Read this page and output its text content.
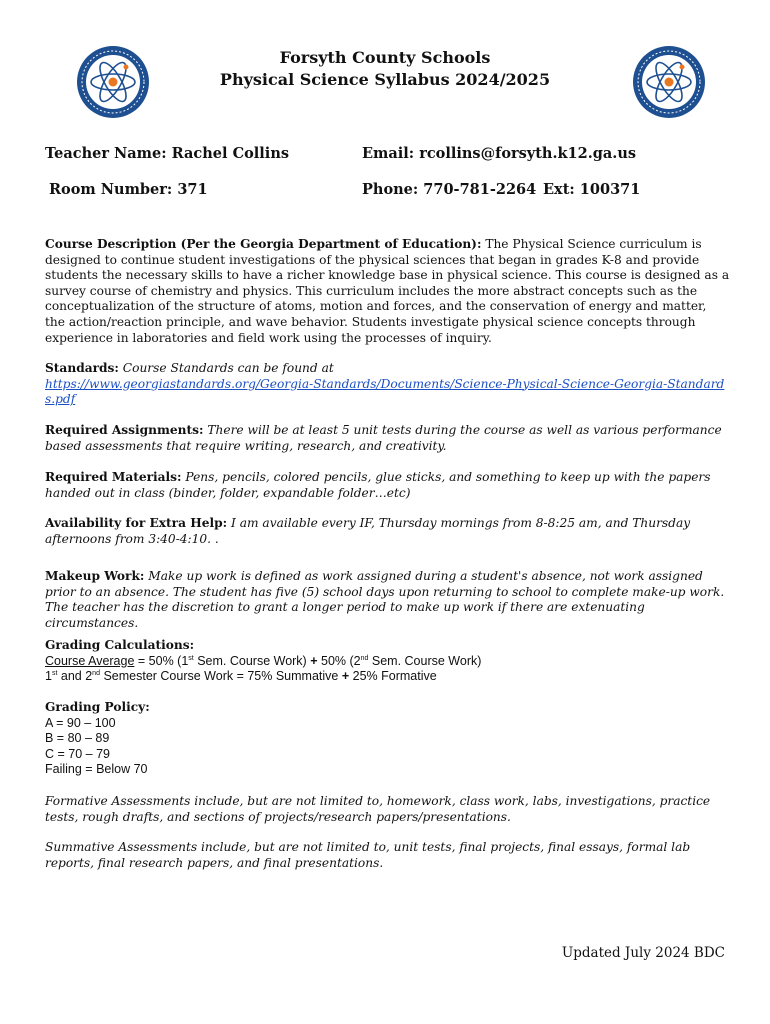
Forsyth County Schools
Physical Science Syllabus 2024/2025
Teacher Name: Rachel Collins	Email: rcollins@forsyth.k12.ga.us
Room Number: 371	Phone: 770-781-2264 Ext: 100371
Course Description (Per the Georgia Department of Education): The Physical Science curriculum is designed to continue student investigations of the physical sciences that began in grades K-8 and provide students the necessary skills to have a richer knowledge base in physical science. This course is designed as a survey course of chemistry and physics. This curriculum includes the more abstract concepts such as the conceptualization of the structure of atoms, motion and forces, and the conservation of energy and matter, the action/reaction principle, and wave behavior. Students investigate physical science concepts through experience in laboratories and field work using the processes of inquiry.
Standards: Course Standards can be found at
https://www.georgiastandards.org/Georgia-Standards/Documents/Science-Physical-Science-Georgia-Standards.pdf
Required Assignments: There will be at least 5 unit tests during the course as well as various performance based assessments that require writing, research, and creativity.
Required Materials: Pens, pencils, colored pencils, glue sticks, and something to keep up with the papers handed out in class (binder, folder, expandable folder…etc)
Availability for Extra Help: I am available every IF, Thursday mornings from 8-8:25 am, and Thursday afternoons from 3:40-4:10. .
Makeup Work: Make up work is defined as work assigned during a student's absence, not work assigned prior to an absence. The student has five (5) school days upon returning to school to complete make-up work. The teacher has the discretion to grant a longer period to make up work if there are extenuating circumstances.
Grading Calculations:
Course Average = 50% (1st Sem. Course Work) + 50% (2nd Sem. Course Work)
1st and 2nd Semester Course Work = 75% Summative + 25% Formative
Grading Policy:
A = 90 – 100
B = 80 – 89
C = 70 – 79
Failing = Below 70
Formative Assessments include, but are not limited to, homework, class work, labs, investigations, practice tests, rough drafts, and sections of projects/research papers/presentations.
Summative Assessments include, but are not limited to, unit tests, final projects, final essays, formal lab reports, final research papers, and final presentations.
Updated July 2024 BDC
